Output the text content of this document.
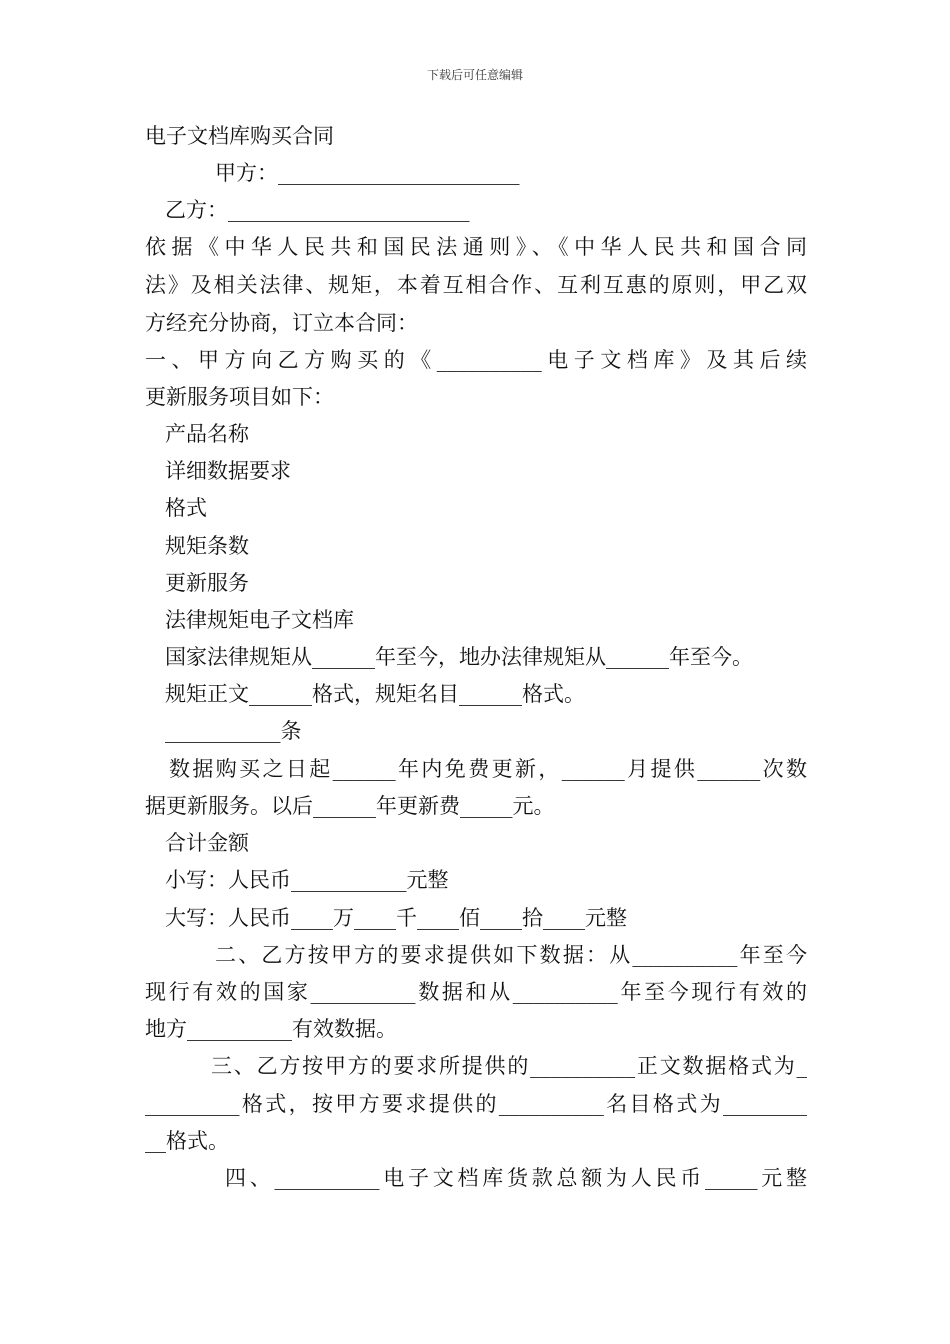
下载后可任意编辑
电子文档库购买合同
甲方：_______________________
乙方：_______________________
依据《中华人民共和国民法通则》、《中华人民共和国合同
法》及相关法律、规矩，本着互相合作、互利互惠的原则，甲乙双
方经充分协商，订立本合同：
一、甲方向乙方购买的《__________电子文档库》及其后续
更新服务项目如下：
产品名称
详细数据要求
格式
规矩条数
更新服务
法律规矩电子文档库
国家法律规矩从______年至今，地办法律规矩从______年至今。
规矩正文______格式，规矩名目______格式。
___________条
数据购买之日起______年内免费更新，______月提供______次数
据更新服务。以后______年更新费_____元。
合计金额
小写：人民币___________元整
大写：人民币____万____千____佰____拾____元整
二、乙方按甲方的要求提供如下数据：从__________年至今
现行有效的国家__________数据和从__________年至今现行有效的
地方__________有效数据。
三、乙方按甲方的要求所提供的__________正文数据格式为_
_________格式，按甲方要求提供的__________名目格式为________
__格式。
四、__________电子文档库货款总额为人民币_____元整
